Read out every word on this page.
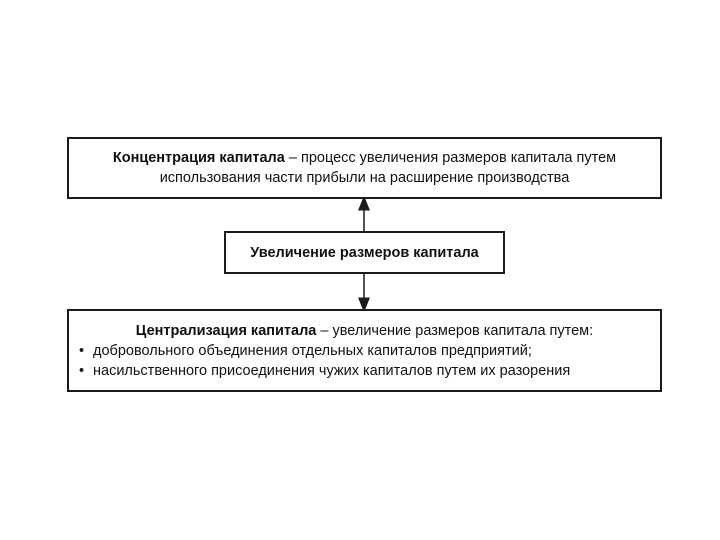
Концентрация капитала – процесс увеличения размеров капитала путем
использования части прибыли на расширение производства
Увеличение размеров капитала
Централизация капитала – увеличение размеров капитала путем:
• добровольного объединения отдельных капиталов предприятий;
• насильственного присоединения чужих капиталов путем их разорения
